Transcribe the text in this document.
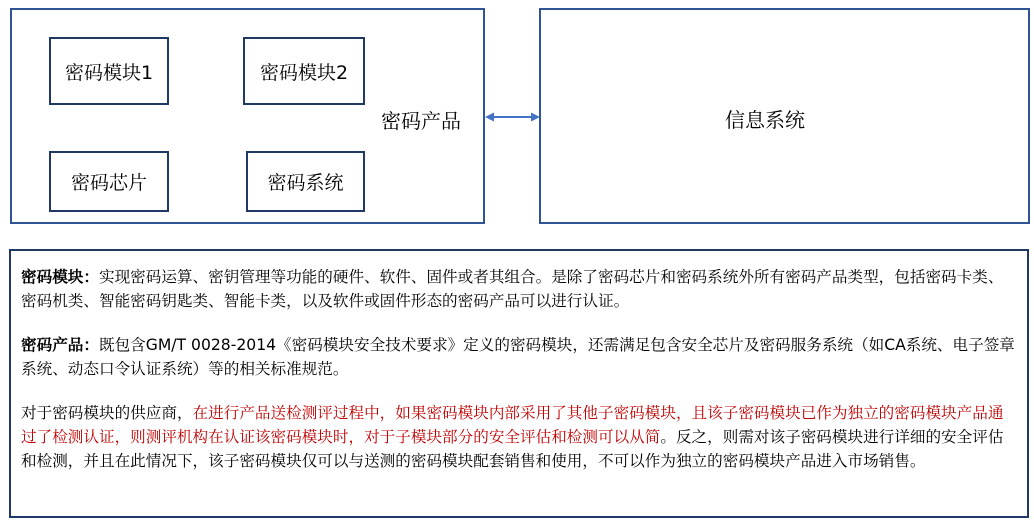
密码模块1	密码模块2
密码芯片	密码系统
密码产品	信息系统

密码模块：实现密码运算、密钥管理等功能的硬件、软件、固件或者其组合。是除了密码芯片和密码系统外所有密码产品类型，包括密码卡类、密码机类、智能密码钥匙类、智能卡类，以及软件或固件形态的密码产品可以进行认证。

密码产品：既包含GM/T 0028-2014《密码模块安全技术要求》定义的密码模块，还需满足包含安全芯片及密码服务系统（如CA系统、电子签章系统、动态口令认证系统）等的相关标准规范。

对于密码模块的供应商，在进行产品送检测评过程中，如果密码模块内部采用了其他子密码模块，且该子密码模块已作为独立的密码模块产品通过了检测认证，则测评机构在认证该密码模块时，对于子模块部分的安全评估和检测可以从简。反之，则需对该子密码模块进行详细的安全评估和检测，并且在此情况下，该子密码模块仅可以与送测的密码模块配套销售和使用，不可以作为独立的密码模块产品进入市场销售。
